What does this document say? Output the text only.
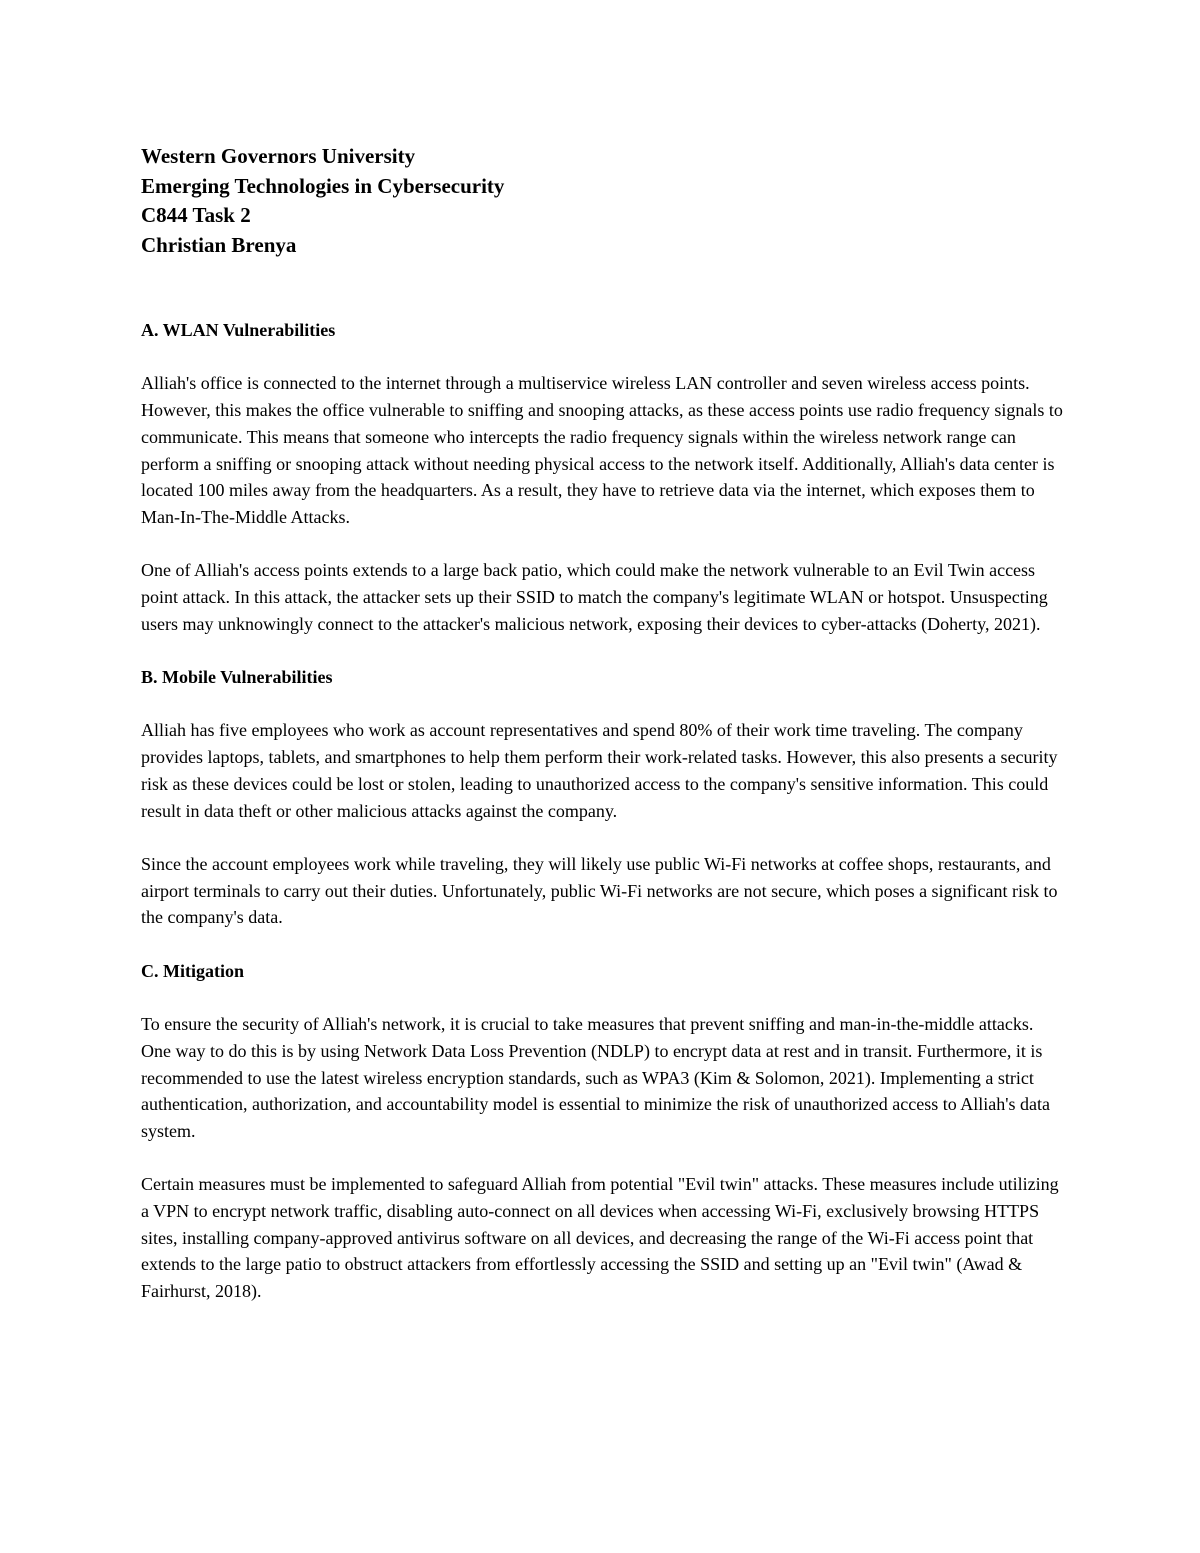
Western Governors University
Emerging Technologies in Cybersecurity
C844 Task 2
Christian Brenya

A. WLAN Vulnerabilities

Alliah's office is connected to the internet through a multiservice wireless LAN controller and seven wireless access points. However, this makes the office vulnerable to sniffing and snooping attacks, as these access points use radio frequency signals to communicate. This means that someone who intercepts the radio frequency signals within the wireless network range can perform a sniffing or snooping attack without needing physical access to the network itself. Additionally, Alliah's data center is located 100 miles away from the headquarters. As a result, they have to retrieve data via the internet, which exposes them to Man-In-The-Middle Attacks.

One of Alliah's access points extends to a large back patio, which could make the network vulnerable to an Evil Twin access point attack. In this attack, the attacker sets up their SSID to match the company's legitimate WLAN or hotspot. Unsuspecting users may unknowingly connect to the attacker's malicious network, exposing their devices to cyber-attacks (Doherty, 2021).

B. Mobile Vulnerabilities

Alliah has five employees who work as account representatives and spend 80% of their work time traveling. The company provides laptops, tablets, and smartphones to help them perform their work-related tasks. However, this also presents a security risk as these devices could be lost or stolen, leading to unauthorized access to the company's sensitive information. This could result in data theft or other malicious attacks against the company.

Since the account employees work while traveling, they will likely use public Wi-Fi networks at coffee shops, restaurants, and airport terminals to carry out their duties. Unfortunately, public Wi-Fi networks are not secure, which poses a significant risk to the company's data.

C. Mitigation

To ensure the security of Alliah's network, it is crucial to take measures that prevent sniffing and man-in-the-middle attacks. One way to do this is by using Network Data Loss Prevention (NDLP) to encrypt data at rest and in transit. Furthermore, it is recommended to use the latest wireless encryption standards, such as WPA3 (Kim & Solomon, 2021). Implementing a strict authentication, authorization, and accountability model is essential to minimize the risk of unauthorized access to Alliah's data system.

Certain measures must be implemented to safeguard Alliah from potential "Evil twin" attacks. These measures include utilizing a VPN to encrypt network traffic, disabling auto-connect on all devices when accessing Wi-Fi, exclusively browsing HTTPS sites, installing company-approved antivirus software on all devices, and decreasing the range of the Wi-Fi access point that extends to the large patio to obstruct attackers from effortlessly accessing the SSID and setting up an "Evil twin" (Awad & Fairhurst, 2018).
